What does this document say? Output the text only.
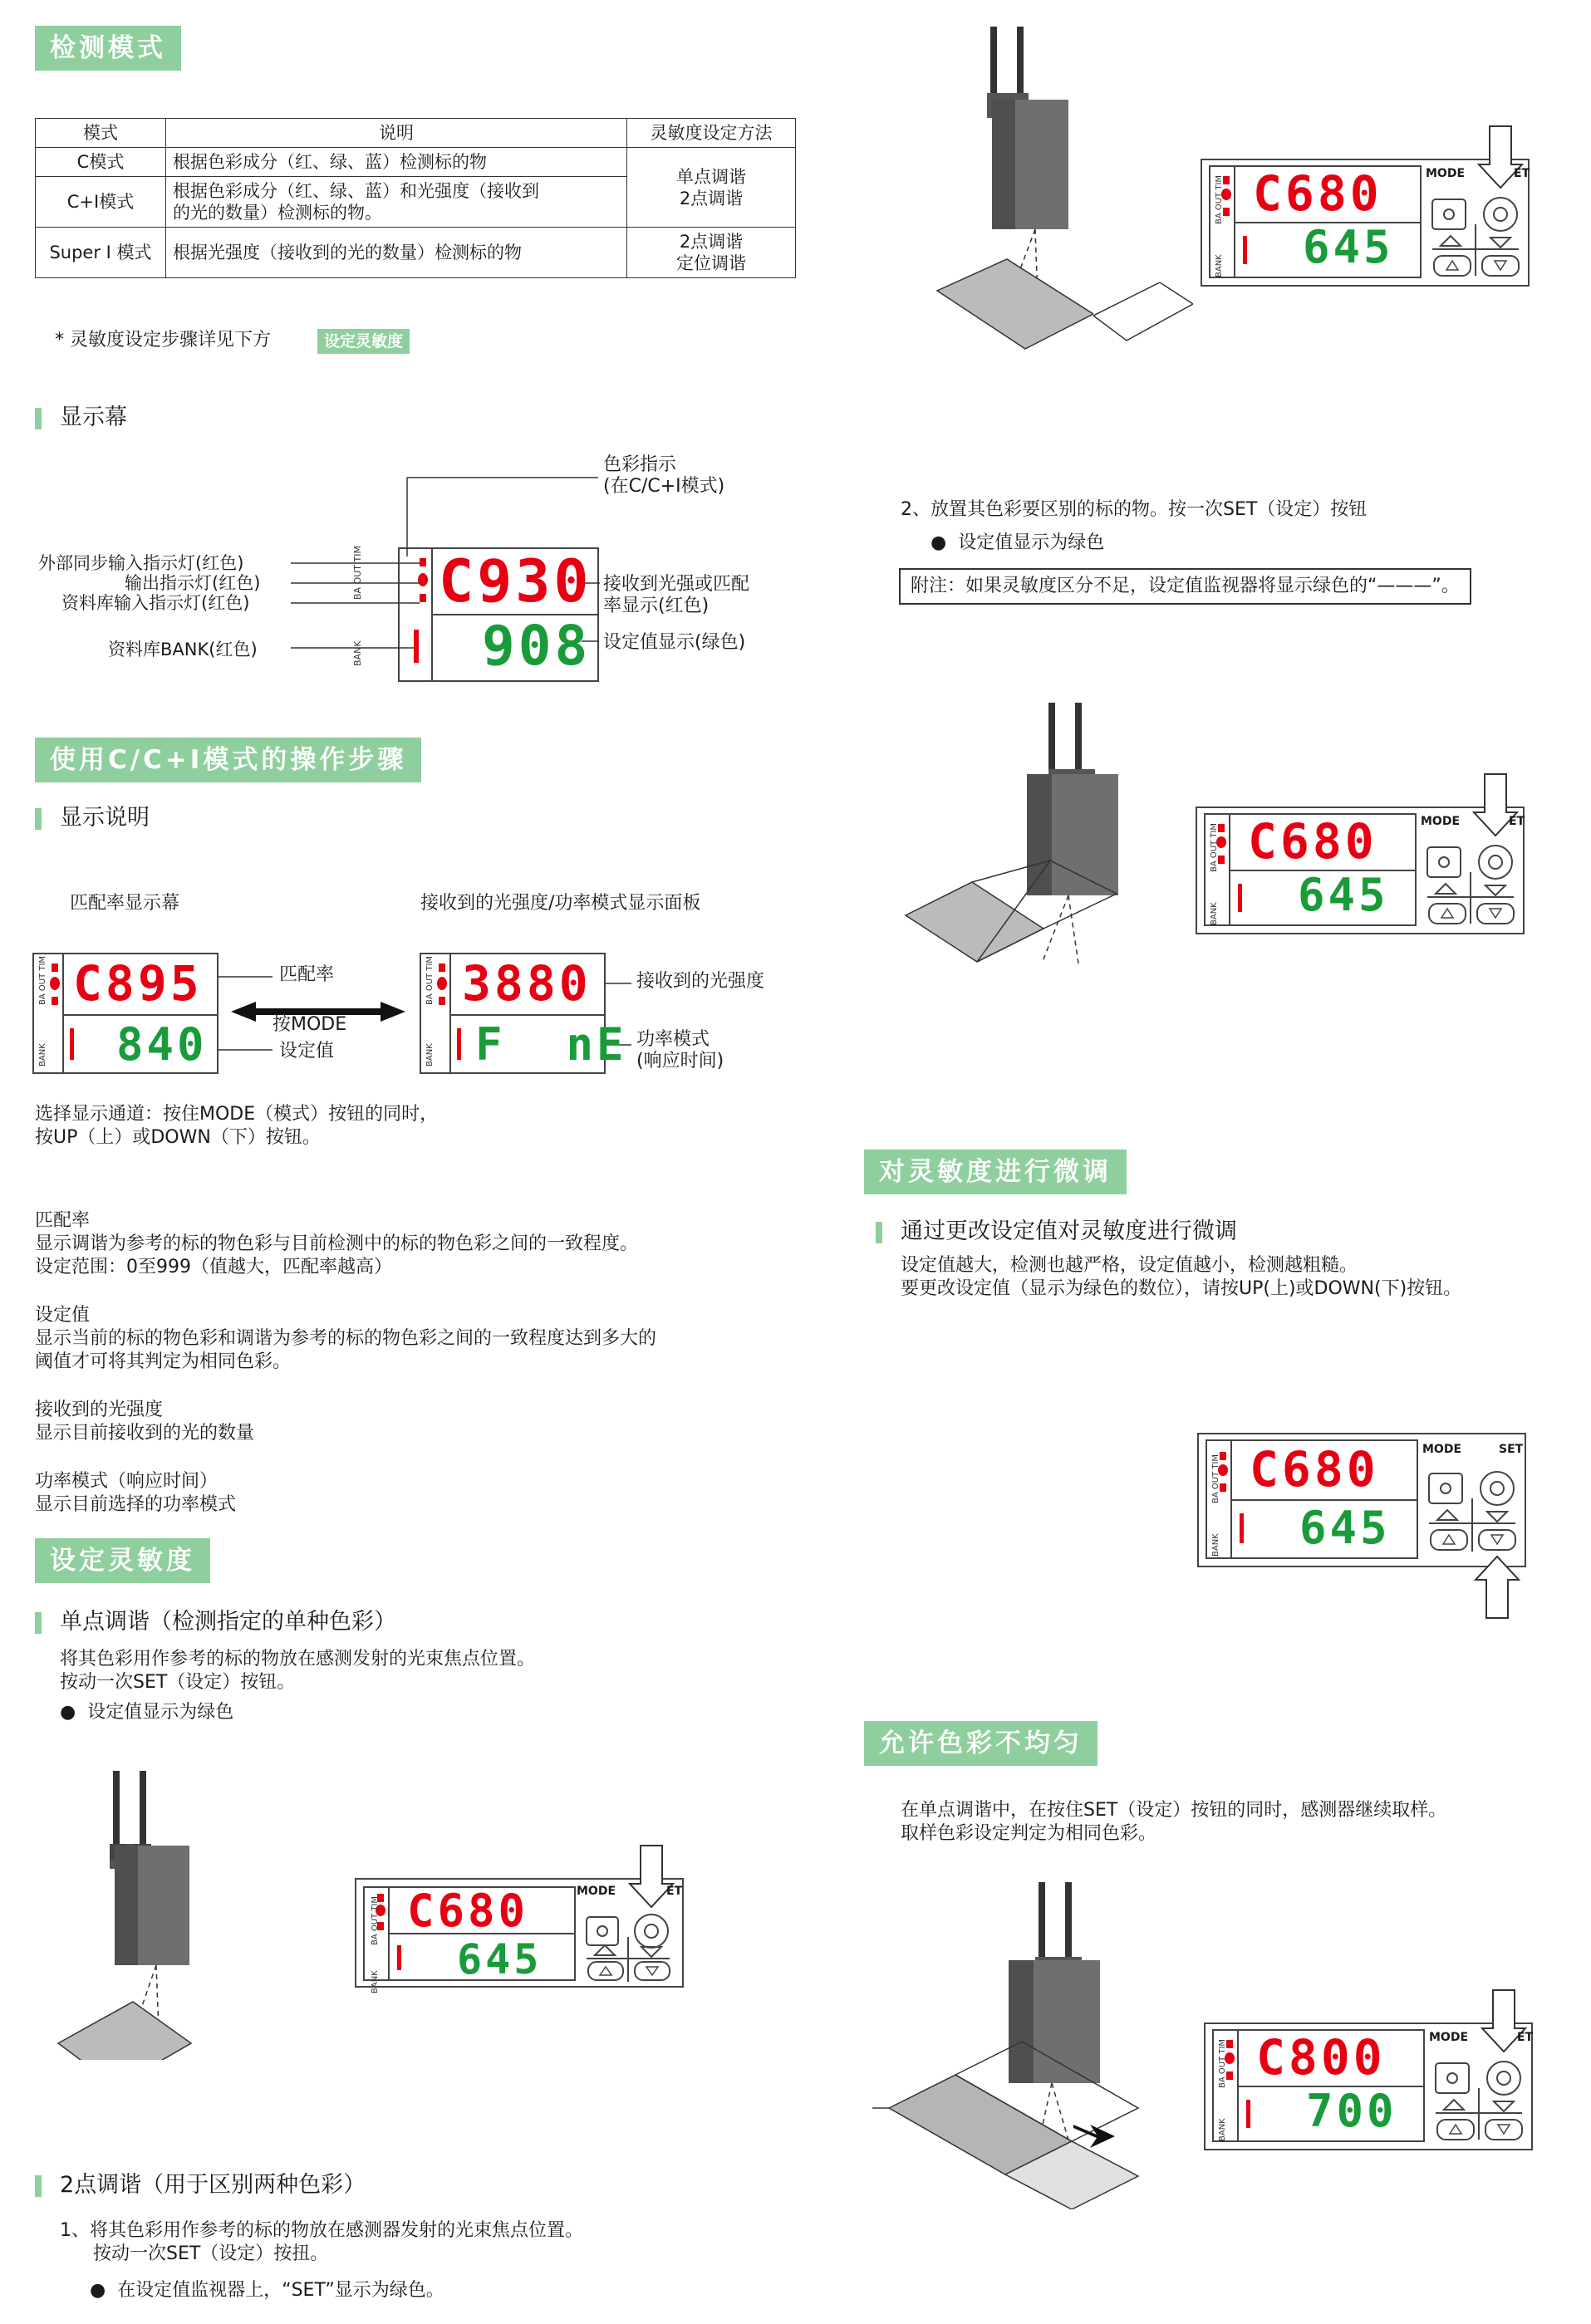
检测模式
模式	说明	灵敏度设定方法
C模式	根据色彩成分（红、绿、蓝）检测标的物	单点调谐
2点调谐

C+I模式	根据色彩成分（红、绿、蓝）和光强度（接收到
的光的数量）检测标的物。	

Super I 模式	根据光强度（接收到的光的数量）检测标的物	2点调谐
定位调谐
* 灵敏度设定步骤详见下方	设定灵敏度
显示幕
BA OUT TIM
BANK
C930
908
色彩指示
(在C/C+I模式)
外部同步输入指示灯(红色)
输出指示灯(红色)
资料库输入指示灯(红色)
资料库BANK(红色)
接收到光强或匹配
率显示(红色)
设定值显示(绿色)
使用C/C+I模式的操作步骤
显示说明
匹配率显示幕	接收到的光强度/功率模式显示面板
BA OUT TIM
BANK
C895
840
BA OUT TIM
BANK
3880
F  nE
匹配率
按MODE
设定值
接收到的光强度
功率模式
(响应时间)
选择显示通道：按住MODE（模式）按钮的同时，
按UP（上）或DOWN（下）按钮。
匹配率
显示调谐为参考的标的物色彩与目前检测中的标的物色彩之间的一致程度。
设定范围：0至999（值越大，匹配率越高）
设定值
显示当前的标的物色彩和调谐为参考的标的物色彩之间的一致程度达到多大的
阈值才可将其判定为相同色彩。
接收到的光强度
显示目前接收到的光的数量
功率模式（响应时间）
显示目前选择的功率模式
设定灵敏度
单点调谐（检测指定的单种色彩）
将其色彩用作参考的标的物放在感测发射的光束焦点位置。
按动一次SET（设定）按钮。
●  设定值显示为绿色
BA OUT TIM
BANK
C680
645
MODE	ET
2点调谐（用于区别两种色彩）
1、将其色彩用作参考的标的物放在感测器发射的光束焦点位置。
按动一次SET（设定）按扭。
●  在设定值监视器上，“SET”显示为绿色。
BA OUT TIM
BANK
C680
645
MODE	ET
2、放置其色彩要区别的标的物。按一次SET（设定）按钮
●  设定值显示为绿色
附注：如果灵敏度区分不足，设定值监视器将显示绿色的“———”。
BA OUT TIM
BANK
C680
645
MODE	ET
对灵敏度进行微调
通过更改设定值对灵敏度进行微调
设定值越大，检测也越严格，设定值越小，检测越粗糙。
要更改设定值（显示为绿色的数位），请按UP(上)或DOWN(下)按钮。
BA OUT TIM
BANK
C680
645
MODE	SET
允许色彩不均匀
在单点调谐中，在按住SET（设定）按钮的同时，感测器继续取样。
取样色彩设定判定为相同色彩。
BA OUT TIM
BANK
C800
700
MODE	ET
